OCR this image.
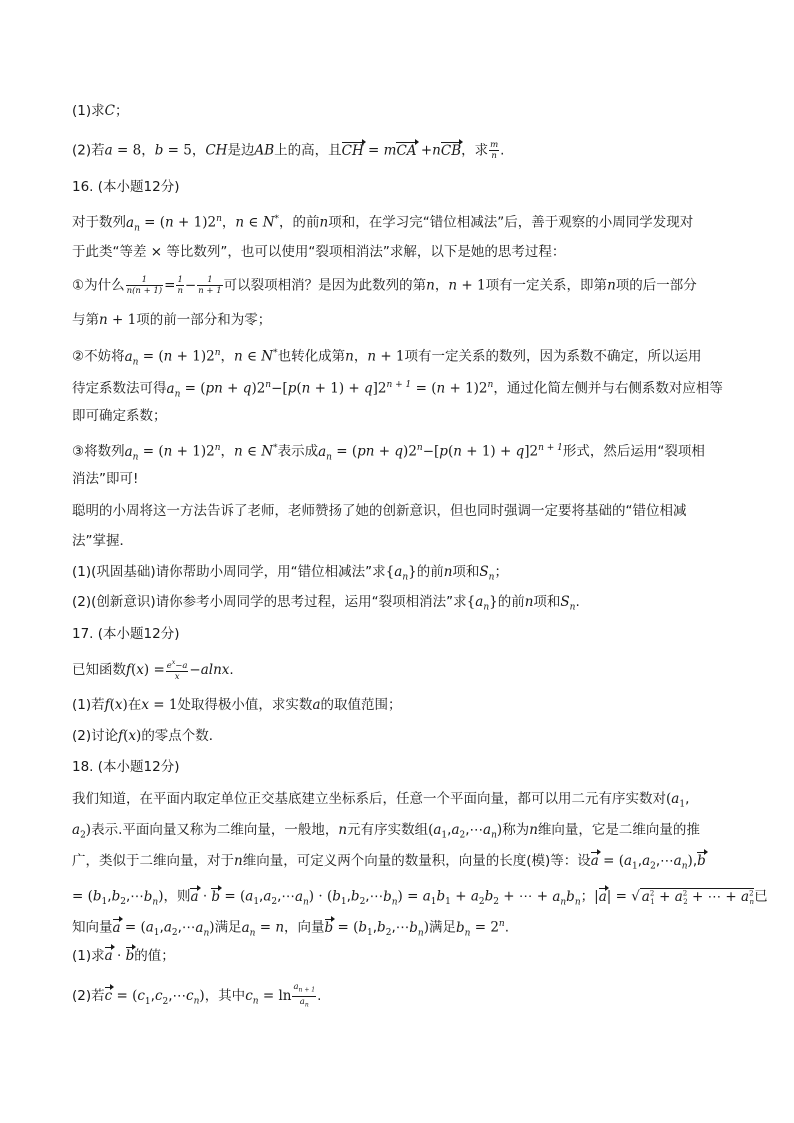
(1)求C；
(2)若a = 8，b = 5，CH是边AB上的高，且CH = mCA +nCB，求 $\frac{m}{n}$ .
16. (本小题12分)
对于数列$a_n = (n + 1)2^n$，n ∈ N*，的前n项和，在学习完“错位相减法”后，善于观察的小周同学发现对
于此类“等差 × 等比数列”，也可以使用“裂项相消法”求解，以下是她的思考过程：
①为什么 $\frac{1}{n(n + 1)} = \frac{1}{n} - \frac{1}{n + 1}$ 可以裂项相消？是因为此数列的第n，n + 1项有一定关系，即第n项的后一部分
与第n + 1项的前一部分和为零；
②不妨将$a_n = (n + 1)2^n$，n ∈ N*也转化成第n，n + 1项有一定关系的数列，因为系数不确定，所以运用
待定系数法可得$a_n = (pn + q)2^n-[p(n + 1) + q]2^{n + 1} = (n + 1)2^n$，通过化简左侧并与右侧系数对应相等
即可确定系数；
③将数列$a_n = (n + 1)2^n$，n ∈ N*表示成$a_n = (pn + q)2^n-[p(n + 1) + q]2^{n + 1}$形式，然后运用“裂项相
消法”即可!
聪明的小周将这一方法告诉了老师，老师赞扬了她的创新意识，但也同时强调一定要将基础的“错位相减
法”掌握．
(1)(巩固基础)请你帮助小周同学，用“错位相减法”求$\{a_n\}$的前n项和$S_n$；
(2)(创新意识)请你参考小周同学的思考过程，运用“裂项相消法”求$\{a_n\}$的前n项和$S_n$.
17. (本小题12分)
已知函数$f(x) = \frac{e^x-a}{x} -alnx$.
(1)若f(x)在x = 1处取得极小值，求实数a的取值范围；
(2)讨论f(x)的零点个数．
18. (本小题12分)
我们知道，在平面内取定单位正交基底建立坐标系后，任意一个平面向量，都可以用二元有序实数对($a_1$,
$a_2$)表示.平面向量又称为二维向量，一般地，n元有序实数组$(a_1,a_2,\cdots a_n)$称为n维向量，它是二维向量的推
广，类似于二维向量，对于n维向量，可定义两个向量的数量积，向量的长度(模)等：设$a = (a_1,a_2,\cdots a_n),b$
= $(b_1,b_2,\cdots b_n)$，则$a \cdot b = (a_1,a_2,\cdots a_n)$ · $(b_1,b_2,\cdots b_n) = a_1b_1 + a_2b_2$ + ⋯ + $a_nb_n$；|a| = √ $a^2_1 + a^2_2$ + ⋯ + $a^2_n$已
知向量$a = (a_1,a_2,\cdots a_n)$满足$a_n = n$，向量$b = (b_1,b_2,\cdots b_n)$满足$b_n = 2^n$.
(1)求a · b的值；
(2)若$c = (c_1,c_2,\cdots c_n)$，其中$c_n = \ln \frac{a_{n + 1}}{a_n}$ .
